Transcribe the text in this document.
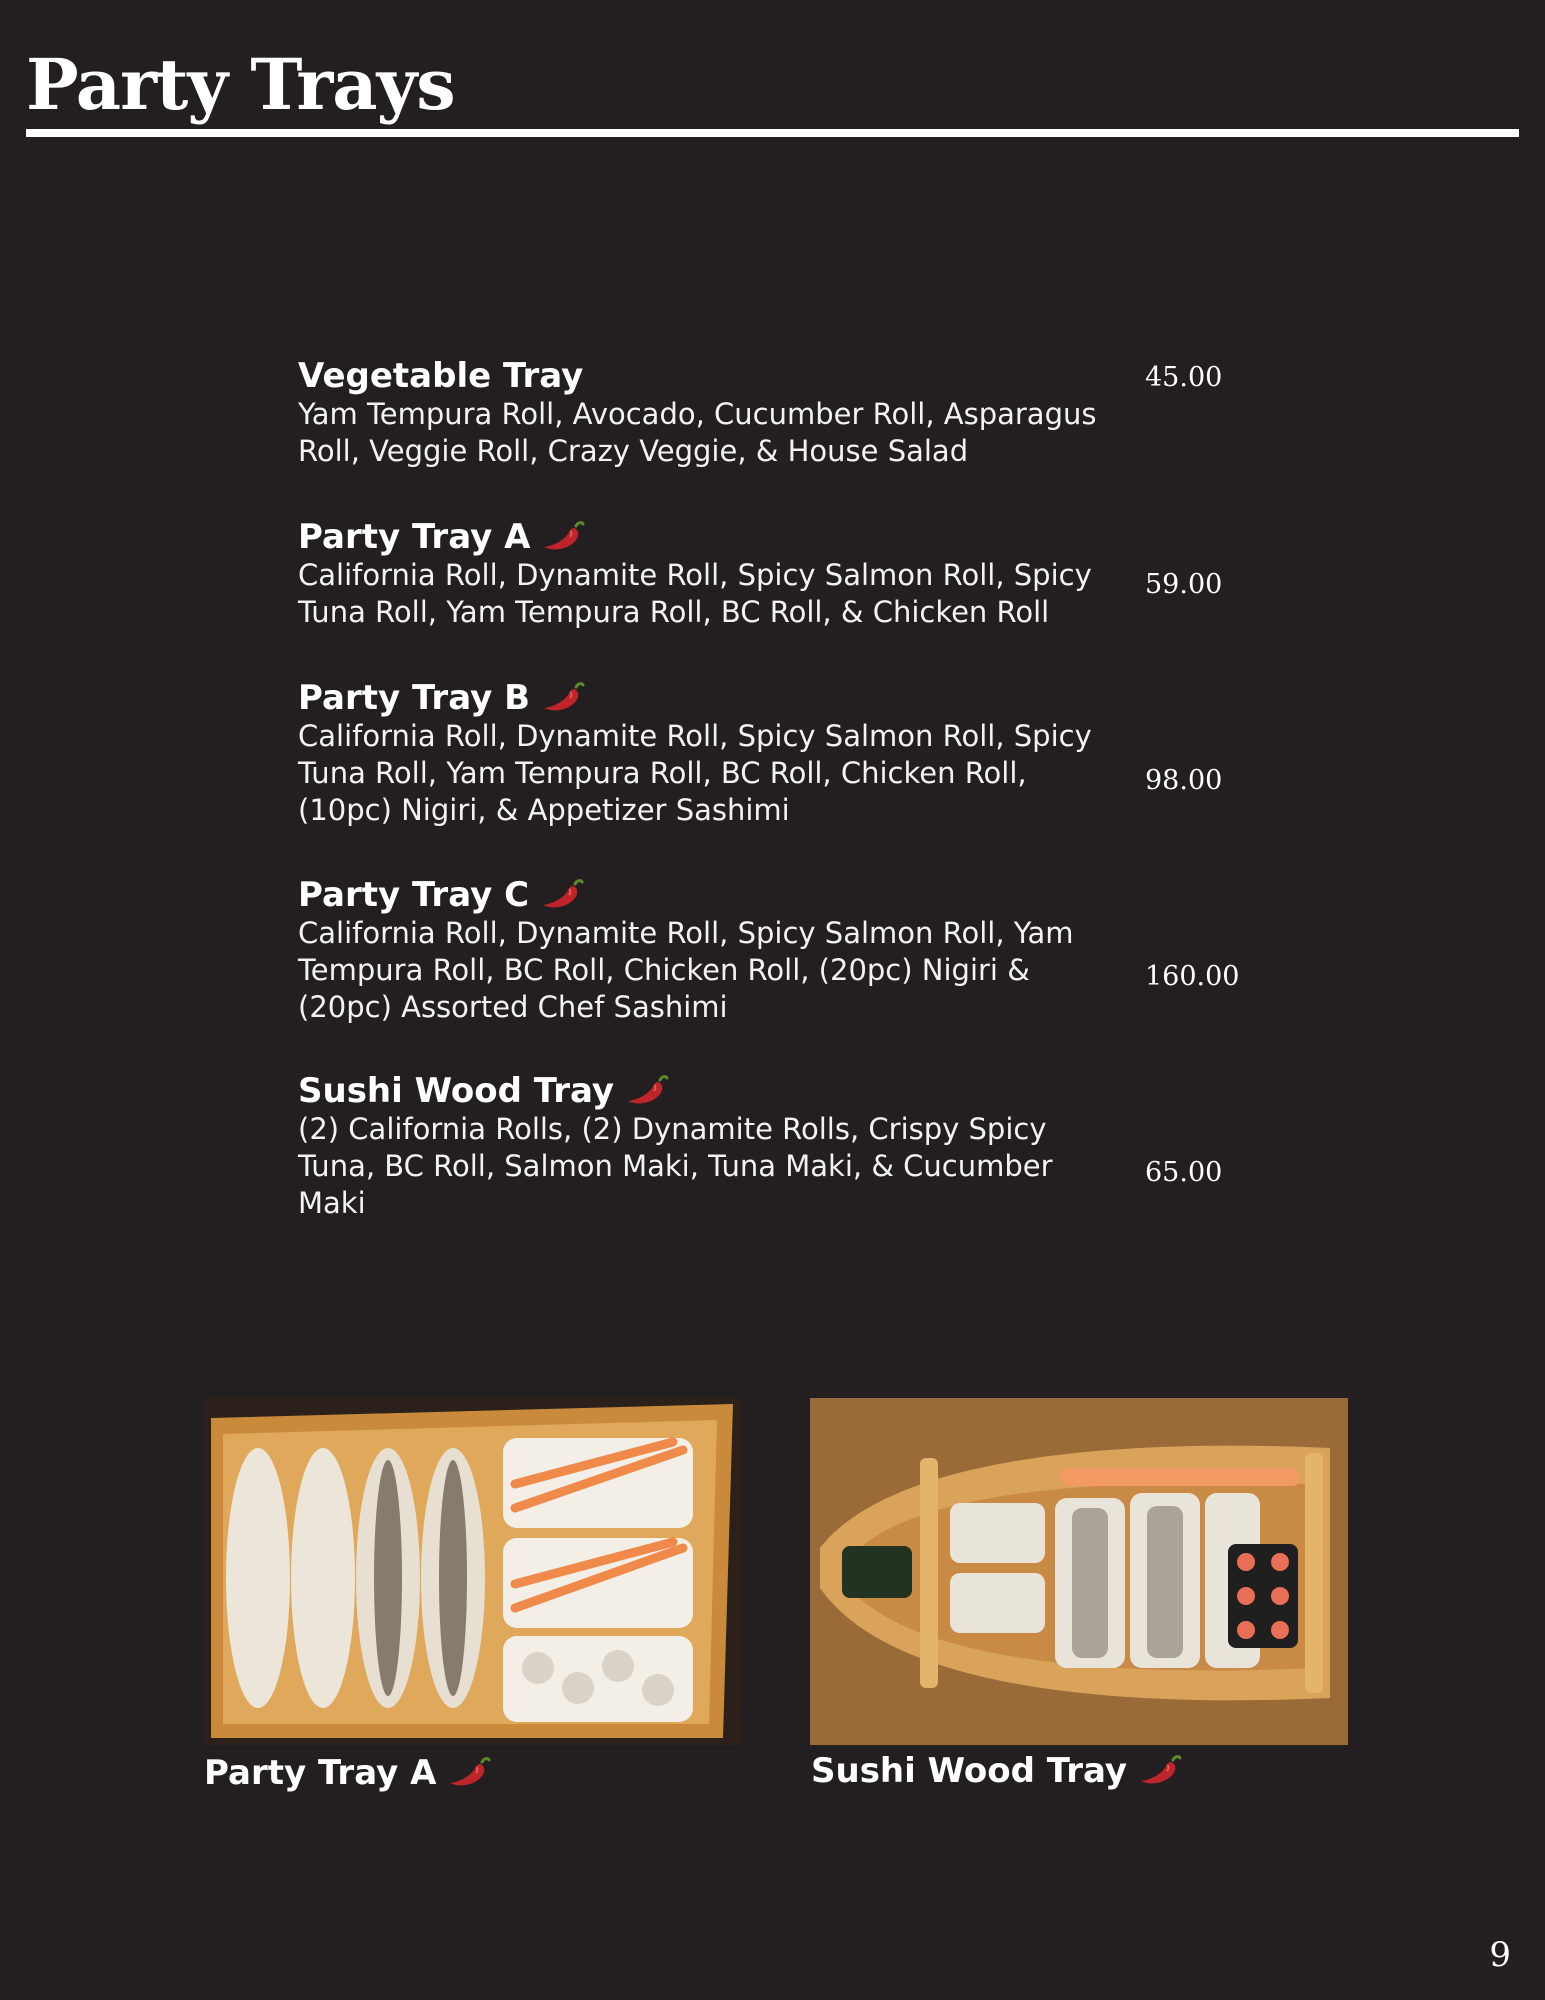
Party Trays
Vegetable Tray
Yam Tempura Roll, Avocado, Cucumber Roll, Asparagus Roll, Veggie Roll, Crazy Veggie, & House Salad
45.00
Party Tray A
California Roll, Dynamite Roll, Spicy Salmon Roll, Spicy Tuna Roll, Yam Tempura Roll, BC Roll, & Chicken Roll
59.00
Party Tray B
California Roll, Dynamite Roll, Spicy Salmon Roll, Spicy Tuna Roll, Yam Tempura Roll, BC Roll, Chicken Roll, (10pc) Nigiri, & Appetizer Sashimi
98.00
Party Tray C
California Roll, Dynamite Roll, Spicy Salmon Roll, Yam Tempura Roll, BC Roll, Chicken Roll, (20pc) Nigiri & (20pc) Assorted Chef Sashimi
160.00
Sushi Wood Tray
(2) California Rolls, (2) Dynamite Rolls, Crispy Spicy Tuna, BC Roll, Salmon Maki, Tuna Maki, & Cucumber Maki
65.00
Party Tray A	Sushi Wood Tray
9
